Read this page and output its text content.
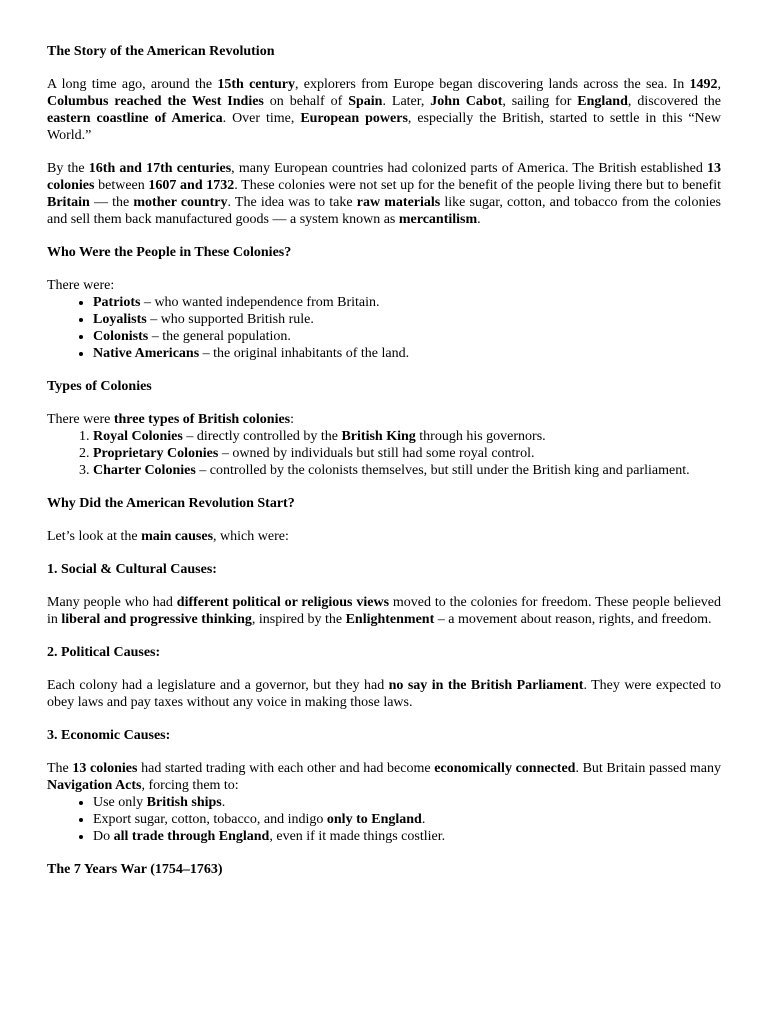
The Story of the American Revolution

A long time ago, around the 15th century, explorers from Europe began discovering lands across the sea. In 1492, Columbus reached the West Indies on behalf of Spain. Later, John Cabot, sailing for England, discovered the eastern coastline of America. Over time, European powers, especially the British, started to settle in this “New World.”

By the 16th and 17th centuries, many European countries had colonized parts of America. The British established 13 colonies between 1607 and 1732. These colonies were not set up for the benefit of the people living there but to benefit Britain — the mother country. The idea was to take raw materials like sugar, cotton, and tobacco from the colonies and sell them back manufactured goods — a system known as mercantilism.

Who Were the People in These Colonies?

There were:

• Patriots – who wanted independence from Britain.
• Loyalists – who supported British rule.
• Colonists – the general population.
• Native Americans – the original inhabitants of the land.
Types of Colonies

There were three types of British colonies:

1. Royal Colonies – directly controlled by the British King through his governors.
2. Proprietary Colonies – owned by individuals but still had some royal control.
3. Charter Colonies – controlled by the colonists themselves, but still under the British king and parliament.
Why Did the American Revolution Start?

Let’s look at the main causes, which were:

1. Social & Cultural Causes:

Many people who had different political or religious views moved to the colonies for freedom. These people believed in liberal and progressive thinking, inspired by the Enlightenment – a movement about reason, rights, and freedom.

2. Political Causes:

Each colony had a legislature and a governor, but they had no say in the British Parliament. They were expected to obey laws and pay taxes without any voice in making those laws.

3. Economic Causes:

The 13 colonies had started trading with each other and had become economically connected. But Britain passed many Navigation Acts, forcing them to:

• Use only British ships.
• Export sugar, cotton, tobacco, and indigo only to England.
• Do all trade through England, even if it made things costlier.
The 7 Years War (1754–1763)
